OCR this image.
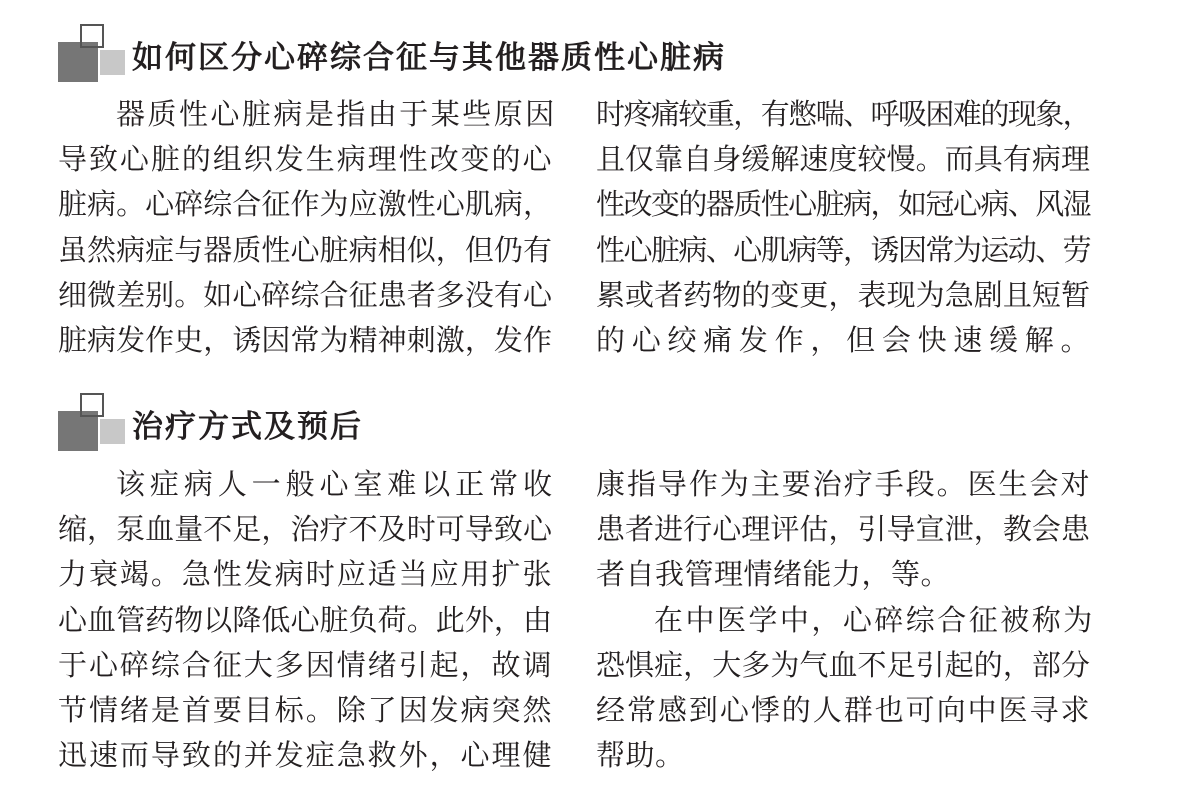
如何区分心碎综合征与其他器质性心脏病

器质性心脏病是指由于某些原因

导致心脏的组织发生病理性改变的心
脏病。心碎综合征作为应激性心肌病，
虽然病症与器质性心脏病相似，但仍有
细微差别。如心碎综合征患者多没有心
脏病发作史，诱因常为精神刺激，发作
时疼痛较重，有憋喘、呼吸困难的现象，
且仅靠自身缓解速度较慢。而具有病理
性改变的器质性心脏病，如冠心病、风湿
性心脏病、心肌病等，诱因常为运动、劳
累或者药物的变更，表现为急剧且短暂
的心绞痛发作，但会快速缓解。
治疗方式及预后

该症病人一般心室难以正常收

缩，泵血量不足，治疗不及时可导致心
力衰竭。急性发病时应适当应用扩张
心血管药物以降低心脏负荷。此外，由
于心碎综合征大多因情绪引起，故调
节情绪是首要目标。除了因发病突然
迅速而导致的并发症急救外，心理健
康指导作为主要治疗手段。医生会对
患者进行心理评估，引导宣泄，教会患

者自我管理情绪能力，等。

在中医学中，心碎综合征被称为

恐惧症，大多为气血不足引起的，部分
经常感到心悸的人群也可向中医寻求

帮助。
